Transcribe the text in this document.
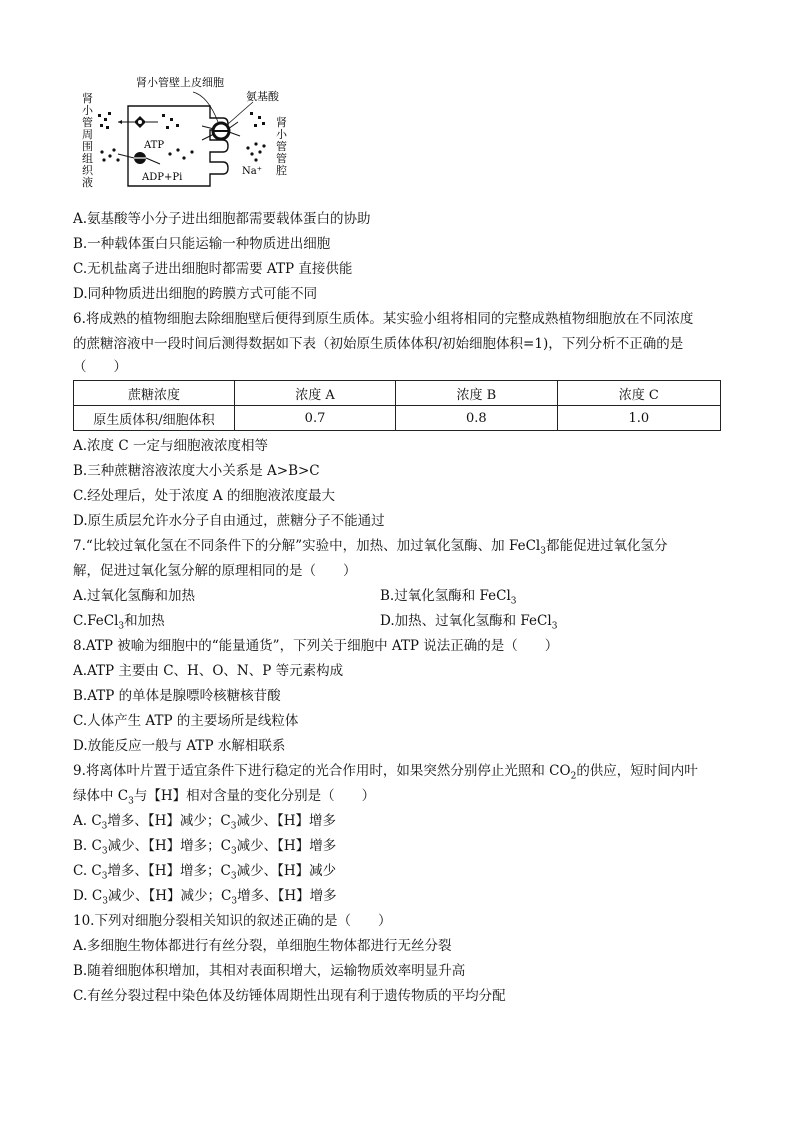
肾小管壁上皮细胞
氨基酸
ATP
ADP+Pi
Na⁺
肾
小
管
周
围
组
织
液
肾
小
管
管
腔
A.氨基酸等小分子进出细胞都需要载体蛋白的协助
B.一种载体蛋白只能运输一种物质进出细胞
C.无机盐离子进出细胞时都需要 ATP 直接供能
D.同种物质进出细胞的跨膜方式可能不同
6.将成熟的植物细胞去除细胞壁后便得到原生质体。某实验小组将相同的完整成熟植物细胞放在不同浓度
的蔗糖溶液中一段时间后测得数据如下表（初始原生质体体积/初始细胞体积=1)，下列分析不正确的是
（　　）
蔗糖浓度	浓度 A	浓度 B	浓度 C
原生质体积/细胞体积	0.7	0.8	1.0
A.浓度 C 一定与细胞液浓度相等
B.三种蔗糖溶液浓度大小关系是 A>B>C
C.经处理后，处于浓度 A 的细胞液浓度最大
D.原生质层允许水分子自由通过，蔗糖分子不能通过
7.“比较过氧化氢在不同条件下的分解”实验中，加热、加过氧化氢酶、加 FeCl$_3$都能促进过氧化氢分
解，促进过氧化氢分解的原理相同的是（　　）
A.过氧化氢酶和加热	B.过氧化氢酶和 FeCl$_3$
C.FeCl$_3$和加热	D.加热、过氧化氢酶和 FeCl$_3$
8.ATP 被喻为细胞中的“能量通货”，下列关于细胞中 ATP 说法正确的是（　　）
A.ATP 主要由 C、H、O、N、P 等元素构成
B.ATP 的单体是腺嘌呤核糖核苷酸
C.人体产生 ATP 的主要场所是线粒体
D.放能反应一般与 ATP 水解相联系
9.将离体叶片置于适宜条件下进行稳定的光合作用时，如果突然分别停止光照和 $CO_2$的供应，短时间内叶
绿体中 $C_3$与【H】相对含量的变化分别是（　　）
A. $C_3$增多、【H】减少；$C_3$减少、【H】增多
B. $C_3$减少、【H】增多；$C_3$减少、【H】增多
C. $C_3$增多、【H】增多；$C_3$减少、【H】减少
D. $C_3$减少、【H】减少；$C_3$增多、【H】增多
10.下列对细胞分裂相关知识的叙述正确的是（　　）
A.多细胞生物体都进行有丝分裂，单细胞生物体都进行无丝分裂
B.随着细胞体积增加，其相对表面积增大，运输物质效率明显升高
C.有丝分裂过程中染色体及纺锤体周期性出现有利于遗传物质的平均分配
